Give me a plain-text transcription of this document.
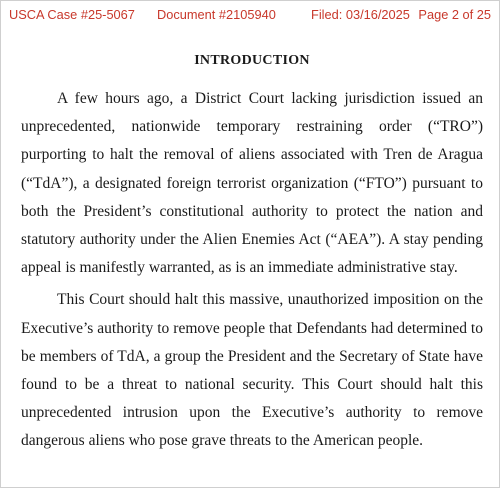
USCA Case #25-5067 Document #2105940	Filed: 03/16/2025 Page 2 of 25

INTRODUCTION

A few hours ago, a District Court lacking jurisdiction issued an unprecedented, nationwide temporary restraining order (“TRO”) purporting to halt the removal of aliens associated with Tren de Aragua (“TdA”), a designated foreign terrorist organization (“FTO”) pursuant to both the President’s constitutional authority to protect the nation and statutory authority under the Alien Enemies Act (“AEA”). A stay pending appeal is manifestly warranted, as is an immediate administrative stay.

This Court should halt this massive, unauthorized imposition on the Executive’s authority to remove people that Defendants had determined to be members of TdA, a group the President and the Secretary of State have found to be a threat to national security. This Court should halt this unprecedented intrusion upon the Executive’s authority to remove dangerous aliens who pose grave threats to the American people.
